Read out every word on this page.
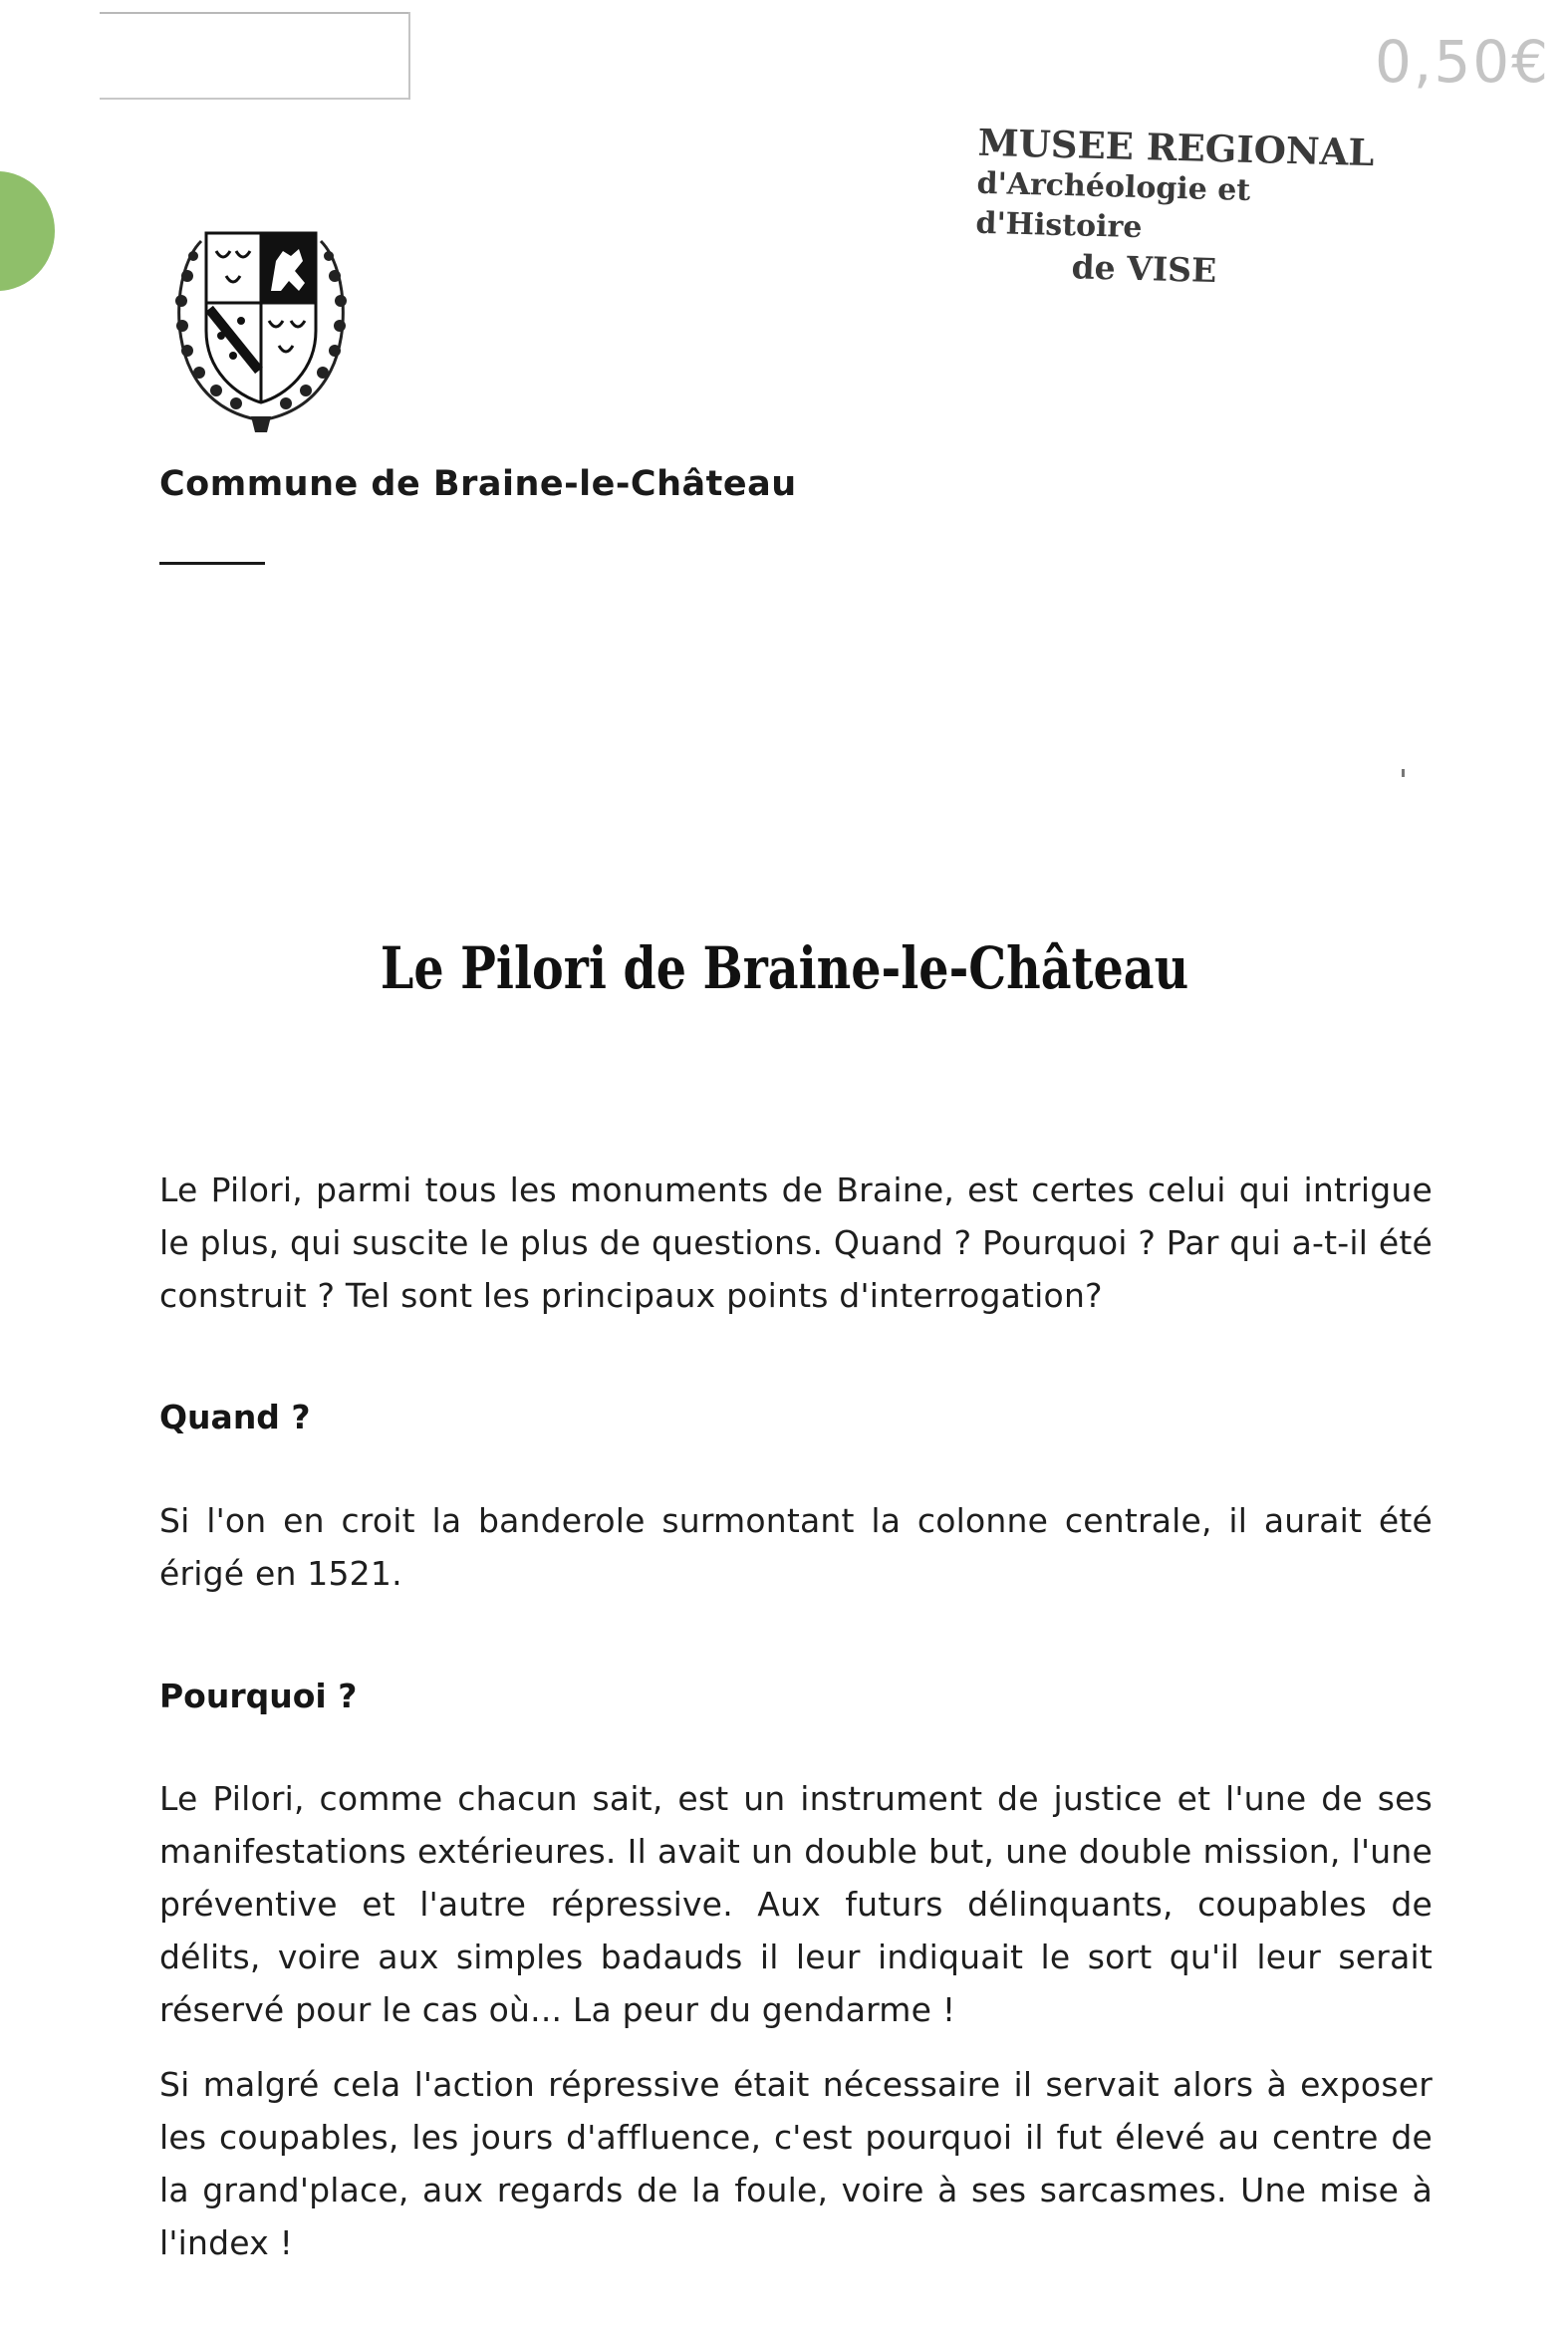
0,50€
MUSEE REGIONAL
d'Archéologie et d'Histoire
de VISE
Commune de Braine-le-Château
Le Pilori de Braine-le-Château
Le Pilori, parmi tous les monuments de Braine, est certes celui qui intrigue le plus, qui suscite le plus de questions. Quand ? Pourquoi ? Par qui a-t-il été construit ? Tel sont les principaux points d'interrogation?
Quand ?
Si l'on en croit la banderole surmontant la colonne centrale, il aurait été érigé en 1521.
Pourquoi ?
Le Pilori, comme chacun sait, est un instrument de justice et l'une de ses manifestations extérieures. Il avait un double but, une double mission, l'une préventive et l'autre répressive. Aux futurs délinquants, coupables de délits, voire aux simples badauds il leur indiquait le sort qu'il leur serait réservé pour le cas où... La peur du gendarme !
Si malgré cela l'action répressive était nécessaire il servait alors à exposer les coupables, les jours d'affluence, c'est pourquoi il fut élevé au centre de la grand'place, aux regards de la foule, voire à ses sarcasmes. Une mise à l'index !
